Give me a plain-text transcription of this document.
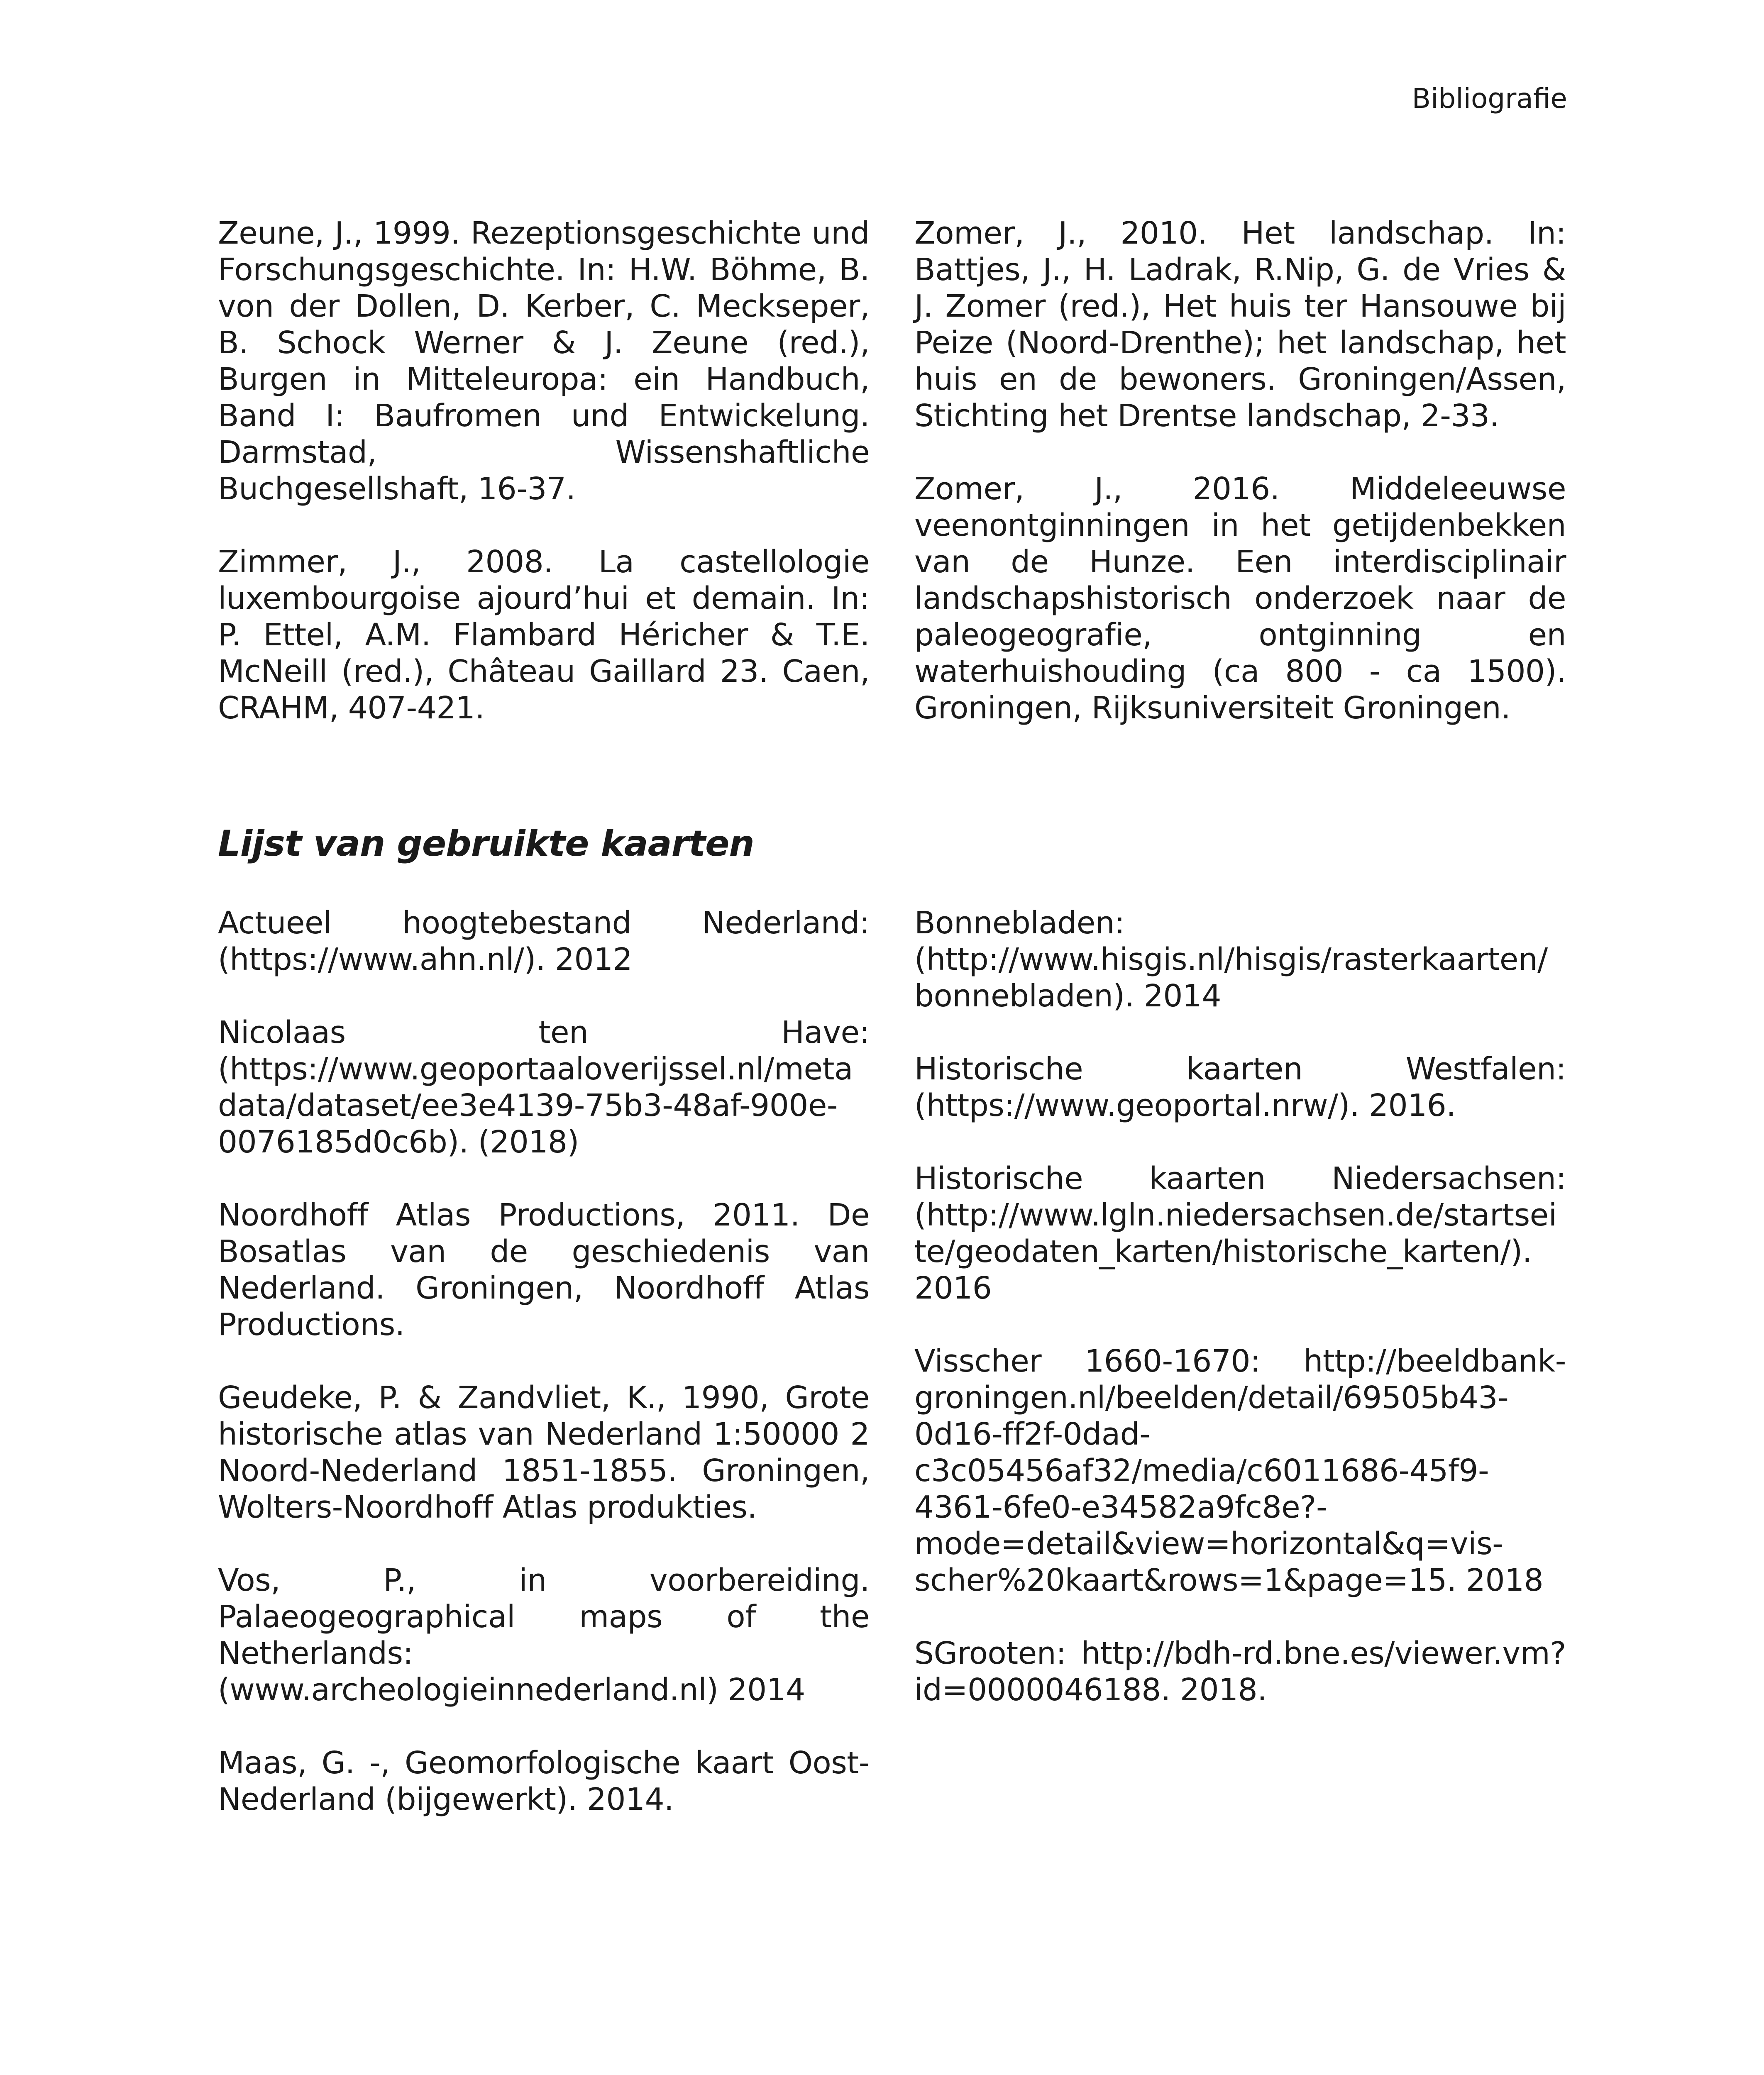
Bibliografie

Zeune, J., 1999. Rezeptionsgeschichte und Forschungsgeschichte. In: H.W. Böhme, B. von der Dollen, D. Kerber, C. Meckseper, B. Schock Werner & J. Zeune (red.), Burgen in Mitteleuropa: ein Handbuch, Band I: Baufromen und Entwickelung. Darmstad, Wissenshaftliche Buchgesellshaft, 16-37.

Zimmer, J., 2008. La castellologie luxembourgoise ajourd’hui et demain. In: P. Ettel, A.M. Flambard Héricher & T.E. McNeill (red.), Château Gaillard 23. Caen, CRAHM, 407-421.

Zomer, J., 2010. Het landschap. In: Battjes, J., H. Ladrak, R.Nip, G. de Vries & J. Zomer (red.), Het huis ter Hansouwe bij Peize (Noord-Drenthe); het landschap, het huis en de bewoners. Groningen/Assen, Stichting het Drentse landschap, 2-33.

Zomer, J., 2016. Middeleeuwse veenontginningen in het getijdenbekken van de Hunze. Een interdisciplinair landschapshistorisch onderzoek naar de paleogeografie, ontginning en waterhuishouding (ca 800 - ca 1500). Groningen, Rijksuniversiteit Groningen.

Lijst van gebruikte kaarten

Actueel hoogtebestand Nederland: (https://www.ahn.nl/). 2012

Nicolaas ten Have: (https://www.geoportaaloverijssel.nl/metadata/dataset/ee3e4139-75b3-48af-900e-0076185d0c6b). (2018)

Noordhoff Atlas Productions, 2011. De Bosatlas van de geschiedenis van Nederland. Groningen, Noordhoff Atlas Productions.

Geudeke, P. & Zandvliet, K., 1990, Grote historische atlas van Nederland 1:50000 2 Noord-Nederland 1851-1855. Groningen, Wolters-Noordhoff Atlas produkties.

Vos, P., in voorbereiding. Palaeogeographical maps of the Netherlands: (www.archeologieinnederland.nl) 2014

Maas, G. -, Geomorfologische kaart Oost-Nederland (bijgewerkt). 2014.

Bonnebladen: (http://www.hisgis.nl/hisgis/rasterkaarten/bonnebladen). 2014

Historische kaarten Westfalen: (https://www.geoportal.nrw/). 2016.

Historische kaarten Niedersachsen: (http://www.lgln.niedersachsen.de/startseite/geodaten_karten/historische_karten/). 2016

Visscher 1660-1670: http://beeldbank-groningen.nl/beelden/detail/69505b43-0d16-ff2f-0dad-c3c05456af32/media/c6011686-45f9-4361-6fe0-e34582a9fc8e?-mode=detail&view=horizontal&q=vis-scher%20kaart&rows=1&page=15. 2018

SGrooten: http://bdh-rd.bne.es/viewer.vm?id=0000046188. 2018.
